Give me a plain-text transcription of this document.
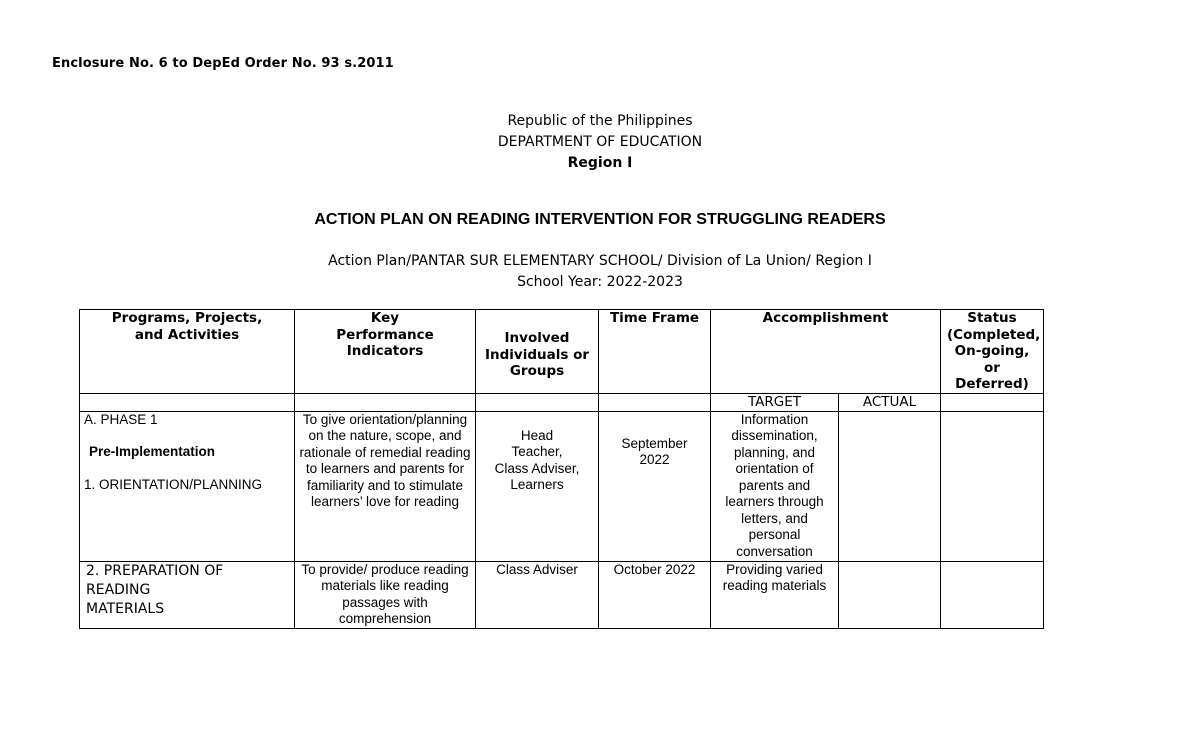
Enclosure No. 6 to DepEd Order No. 93 s.2011
Republic of the Philippines
DEPARTMENT OF EDUCATION
Region I
ACTION PLAN ON READING INTERVENTION FOR STRUGGLING READERS
Action Plan/PANTAR SUR ELEMENTARY SCHOOL/ Division of La Union/ Region I
School Year: 2022-2023
Programs, Projects, and Activities	Key Performance Indicators	Involved Individuals or Groups	Time Frame	Accomplishment		Status (Completed, On-going, or Deferred)

				TARGET	ACTUAL	

A. PHASE 1

Pre-Implementation

1. ORIENTATION/PLANNING	To give orientation/planning on the nature, scope, and rationale of remedial reading to learners and parents for familiarity and to stimulate learners’ love for reading	Head Teacher, Class Adviser, Learners	September 2022	Information dissemination, planning, and orientation of parents and learners through letters, and personal conversation		

2. PREPARATION OF READING MATERIALS	To provide/ produce reading materials like reading passages with comprehension	Class Adviser	October 2022	Providing varied reading materials		
